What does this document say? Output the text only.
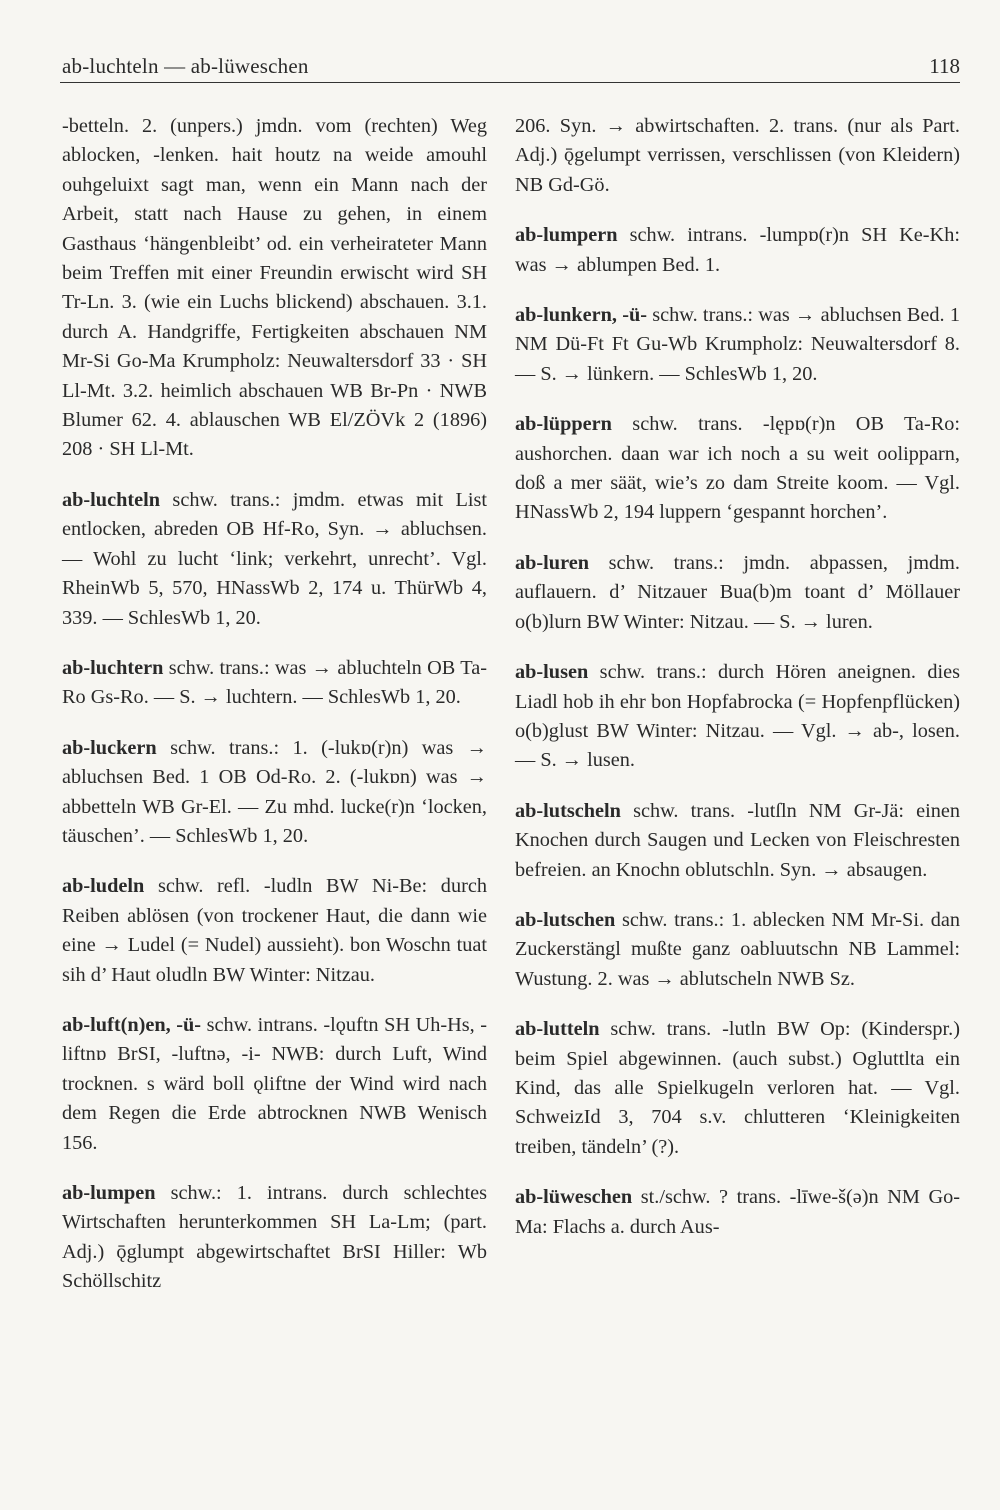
ab-luchteln — ab-lüweschen	118

-betteln. 2. (unpers.) jmdn. vom (rechten) Weg ablocken, -lenken. hait houtz na weide amouhl ouhgeluixt sagt man, wenn ein Mann nach der Arbeit, statt nach Hause zu gehen, in einem Gasthaus ‘hängenbleibt’ od. ein verheirateter Mann beim Treffen mit einer Freundin erwischt wird SH Tr-Ln. 3. (wie ein Luchs blickend) abschauen. 3.1. durch A. Handgriffe, Fertigkeiten abschauen NM Mr-Si Go-Ma Krumpholz: Neuwaltersdorf 33 · SH Ll-Mt. 3.2. heimlich abschauen WB Br-Pn · NWB Blumer 62. 4. ablauschen WB El/ZÖVk 2 (1896) 208 · SH Ll-Mt.

ab-luchteln schw. trans.: jmdm. etwas mit List entlocken, abreden OB Hf-Ro, Syn. → abluchsen. — Wohl zu lucht ‘link; verkehrt, unrecht’. Vgl. RheinWb 5, 570, HNassWb 2, 174 u. ThürWb 4, 339. — SchlesWb 1, 20.

ab-luchtern schw. trans.: was → abluchteln OB Ta-Ro Gs-Ro. — S. → luchtern. — SchlesWb 1, 20.

ab-luckern schw. trans.: 1. (-lukɒ(r)n) was → abluchsen Bed. 1 OB Od-Ro. 2. (-lukɒn) was → abbetteln WB Gr-El. — Zu mhd. lucke(r)n ‘locken, täuschen’. — SchlesWb 1, 20.

ab-ludeln schw. refl. -ludln BW Ni-Be: durch Reiben ablösen (von trockener Haut, die dann wie eine → Ludel (= Nudel) aussieht). bon Woschn tuat sih d’ Haut oludln BW Winter: Nitzau.

ab-luft(n)en, -ü- schw. intrans. -lǫuftn SH Uh-Hs, -liftnɒ BrSI, -luftnə, -i- NWB: durch Luft, Wind trocknen. s wärd boll ǫliftne der Wind wird nach dem Regen die Erde abtrocknen NWB Wenisch 156.

ab-lumpen schw.: 1. intrans. durch schlechtes Wirtschaften herunterkommen SH La-Lm; (part. Adj.) ǭglumpt abgewirtschaftet BrSI Hiller: Wb Schöllschitz

206. Syn. → abwirtschaften. 2. trans. (nur als Part. Adj.) ǭgelumpt verrissen, verschlissen (von Kleidern) NB Gd-Gö.

ab-lumpern schw. intrans. -lumpɒ(r)n SH Ke-Kh: was → ablumpen Bed. 1.

ab-lunkern, -ü- schw. trans.: was → abluchsen Bed. 1 NM Dü-Ft Ft Gu-Wb Krumpholz: Neuwaltersdorf 8. — S. → lünkern. — SchlesWb 1, 20.

ab-lüppern schw. trans. -lępɒ(r)n OB Ta-Ro: aushorchen. daan war ich noch a su weit oolipparn, doß a mer säät, wie’s zo dam Streite koom. — Vgl. HNassWb 2, 194 luppern ‘gespannt horchen’.

ab-luren schw. trans.: jmdn. abpassen, jmdm. auflauern. d’ Nitzauer Bua(b)m toant d’ Möllauer o(b)lurn BW Winter: Nitzau. — S. → luren.

ab-lusen schw. trans.: durch Hören aneignen. dies Liadl hob ih ehr bon Hopfabrocka (= Hopfenpflücken) o(b)glust BW Winter: Nitzau. — Vgl. → ab-, losen. — S. → lusen.

ab-lutscheln schw. trans. -lutſln NM Gr-Jä: einen Knochen durch Saugen und Lecken von Fleischresten befreien. an Knochn oblutschln. Syn. → absaugen.

ab-lutschen schw. trans.: 1. ablecken NM Mr-Si. dan Zuckerstängl mußte ganz oabluutschn NB Lammel: Wustung. 2. was → ablutscheln NWB Sz.

ab-lutteln schw. trans. -lutln BW Op: (Kinderspr.) beim Spiel abgewinnen. (auch subst.) Ogluttlta ein Kind, das alle Spielkugeln verloren hat. — Vgl. SchweizId 3, 704 s.v. chlutteren ‘Kleinigkeiten treiben, tändeln’ (?).

ab-lüweschen st./schw. ? trans. -līwe-š(ə)n NM Go-Ma: Flachs a. durch Aus-
